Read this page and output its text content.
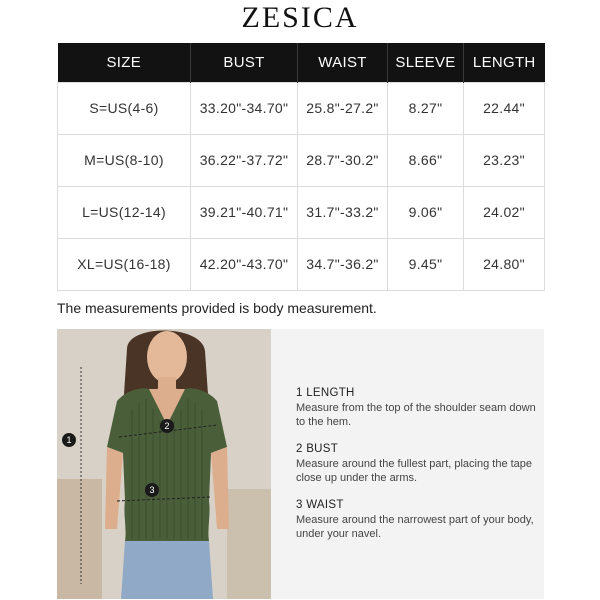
ZESICA
SIZE	BUST	WAIST	SLEEVE	LENGTH
S=US(4-6)	33.20"-34.70"	25.8"-27.2"	8.27"	22.44"
M=US(8-10)	36.22"-37.72"	28.7"-30.2"	8.66"	23.23"
L=US(12-14)	39.21"-40.71"	31.7"-33.2"	9.06"	24.02"
XL=US(16-18)	42.20"-43.70"	34.7"-36.2"	9.45"	24.80"
The measurements provided is body measurement.
1
2
3
1 LENGTH
Measure from the top of the shoulder seam down to the hem.
2 BUST
Measure around the fullest part, placing the tape close up under the arms.
3 WAIST
Measure around the narrowest part of your body, under your navel.
